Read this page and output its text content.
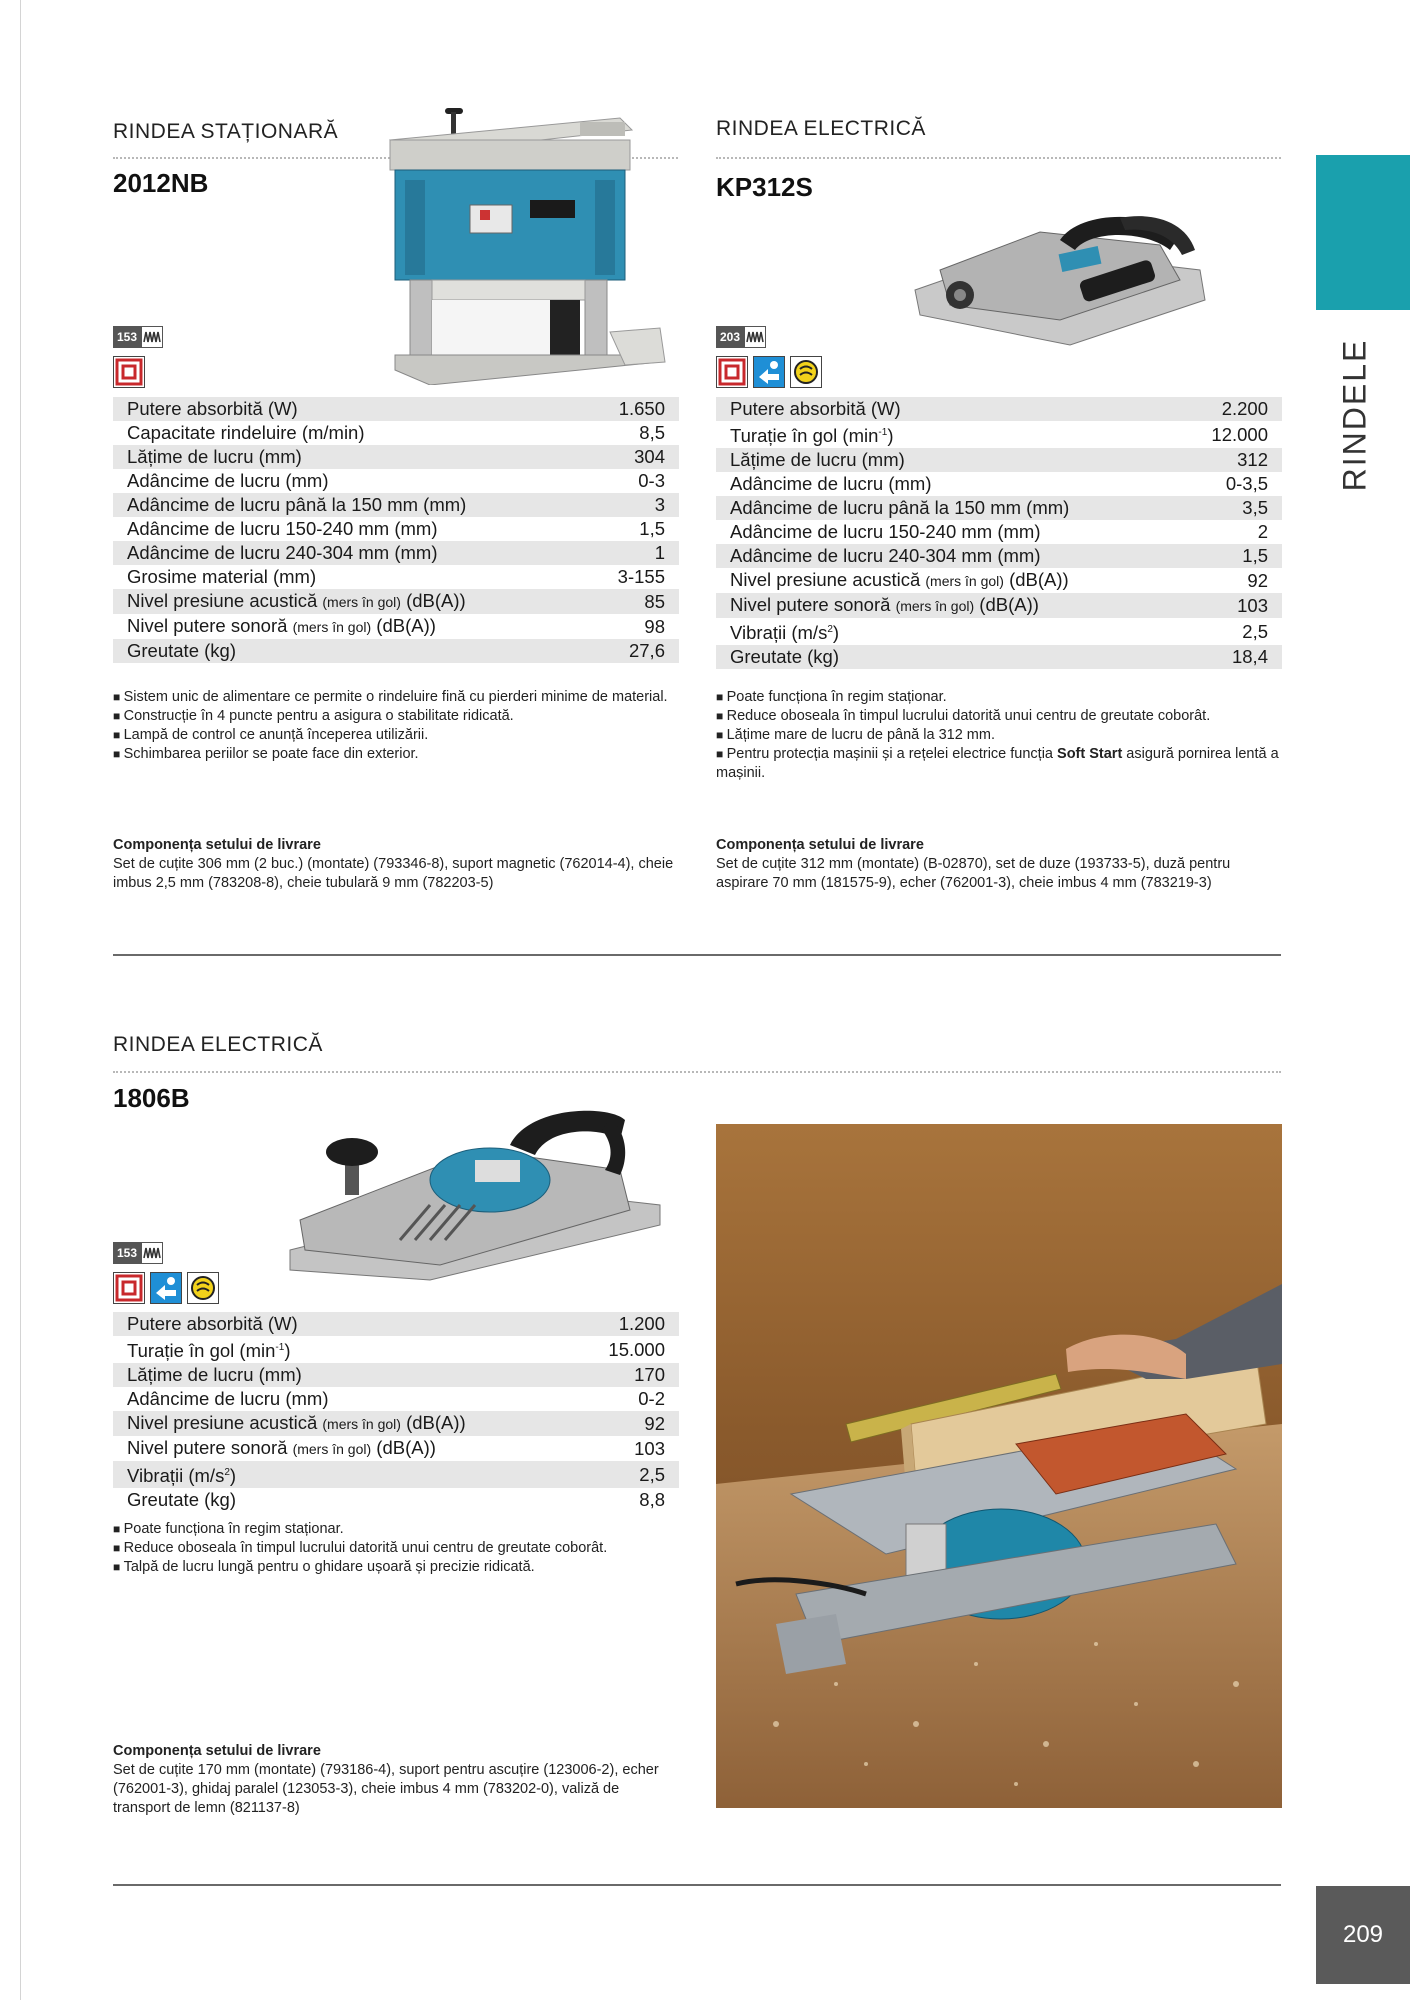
RINDELE
209
RINDEA STAȚIONARĂ
2012NB
153
Putere absorbită (W)	1.650
Capacitate rindeluire (m/min)	8,5
Lățime de lucru (mm)	304
Adâncime de lucru (mm)	0-3
Adâncime de lucru până la 150 mm (mm)	3
Adâncime de lucru 150-240 mm (mm)	1,5
Adâncime de lucru 240-304 mm (mm)	1
Grosime material (mm)	3-155
Nivel presiune acustică (mers în gol) (dB(A))	85
Nivel putere sonoră (mers în gol) (dB(A))	98
Greutate (kg)	27,6
■ Sistem unic de alimentare ce permite o rindeluire fină cu pierderi minime de material.
■ Construcție în 4 puncte pentru a asigura o stabilitate ridicată.
■ Lampă de control ce anunță începerea utilizării.
■ Schimbarea periilor se poate face din exterior.
Componența setului de livrare
Set de cuțite 306 mm (2 buc.) (montate) (793346-8), suport magnetic (762014-4), cheie imbus 2,5 mm (783208-8), cheie tubulară 9 mm (782203-5)
RINDEA ELECTRICĂ
KP312S
203
Putere absorbită (W)	2.200
Turație în gol $(\min^{-1})$	12.000
Lățime de lucru (mm)	312
Adâncime de lucru (mm)	0-3,5
Adâncime de lucru până la 150 mm (mm)	3,5
Adâncime de lucru 150-240 mm (mm)	2
Adâncime de lucru 240-304 mm (mm)	1,5
Nivel presiune acustică (mers în gol) (dB(A))	92
Nivel putere sonoră (mers în gol) (dB(A))	103
Vibrații $(m/s^2)$	2,5
Greutate (kg)	18,4
■ Poate funcționa în regim staționar.
■ Reduce oboseala în timpul lucrului datorită unui centru de greutate coborât.
■ Lățime mare de lucru de până la 312 mm.
■ Pentru protecția mașinii și a rețelei electrice funcția Soft Start asigură pornirea lentă a mașinii.
Componența setului de livrare
Set de cuțite 312 mm (montate) (B-02870), set de duze (193733-5), duză pentru aspirare 70 mm (181575-9), echer (762001-3), cheie imbus 4 mm (783219-3)
RINDEA ELECTRICĂ
1806B
153
Putere absorbită (W)	1.200
Turație în gol $(\min^{-1})$	15.000
Lățime de lucru (mm)	170
Adâncime de lucru (mm)	0-2
Nivel presiune acustică (mers în gol) (dB(A))	92
Nivel putere sonoră (mers în gol) (dB(A))	103
Vibrații $(m/s^2)$	2,5
Greutate (kg)	8,8
■ Poate funcționa în regim staționar.
■ Reduce oboseala în timpul lucrului datorită unui centru de greutate coborât.
■ Talpă de lucru lungă pentru o ghidare ușoară și precizie ridicată.
Componența setului de livrare
Set de cuțite 170 mm (montate) (793186-4), suport pentru ascuțire (123006-2), echer (762001-3), ghidaj paralel (123053-3), cheie imbus 4 mm (783202-0), valiză de transport de lemn (821137-8)
